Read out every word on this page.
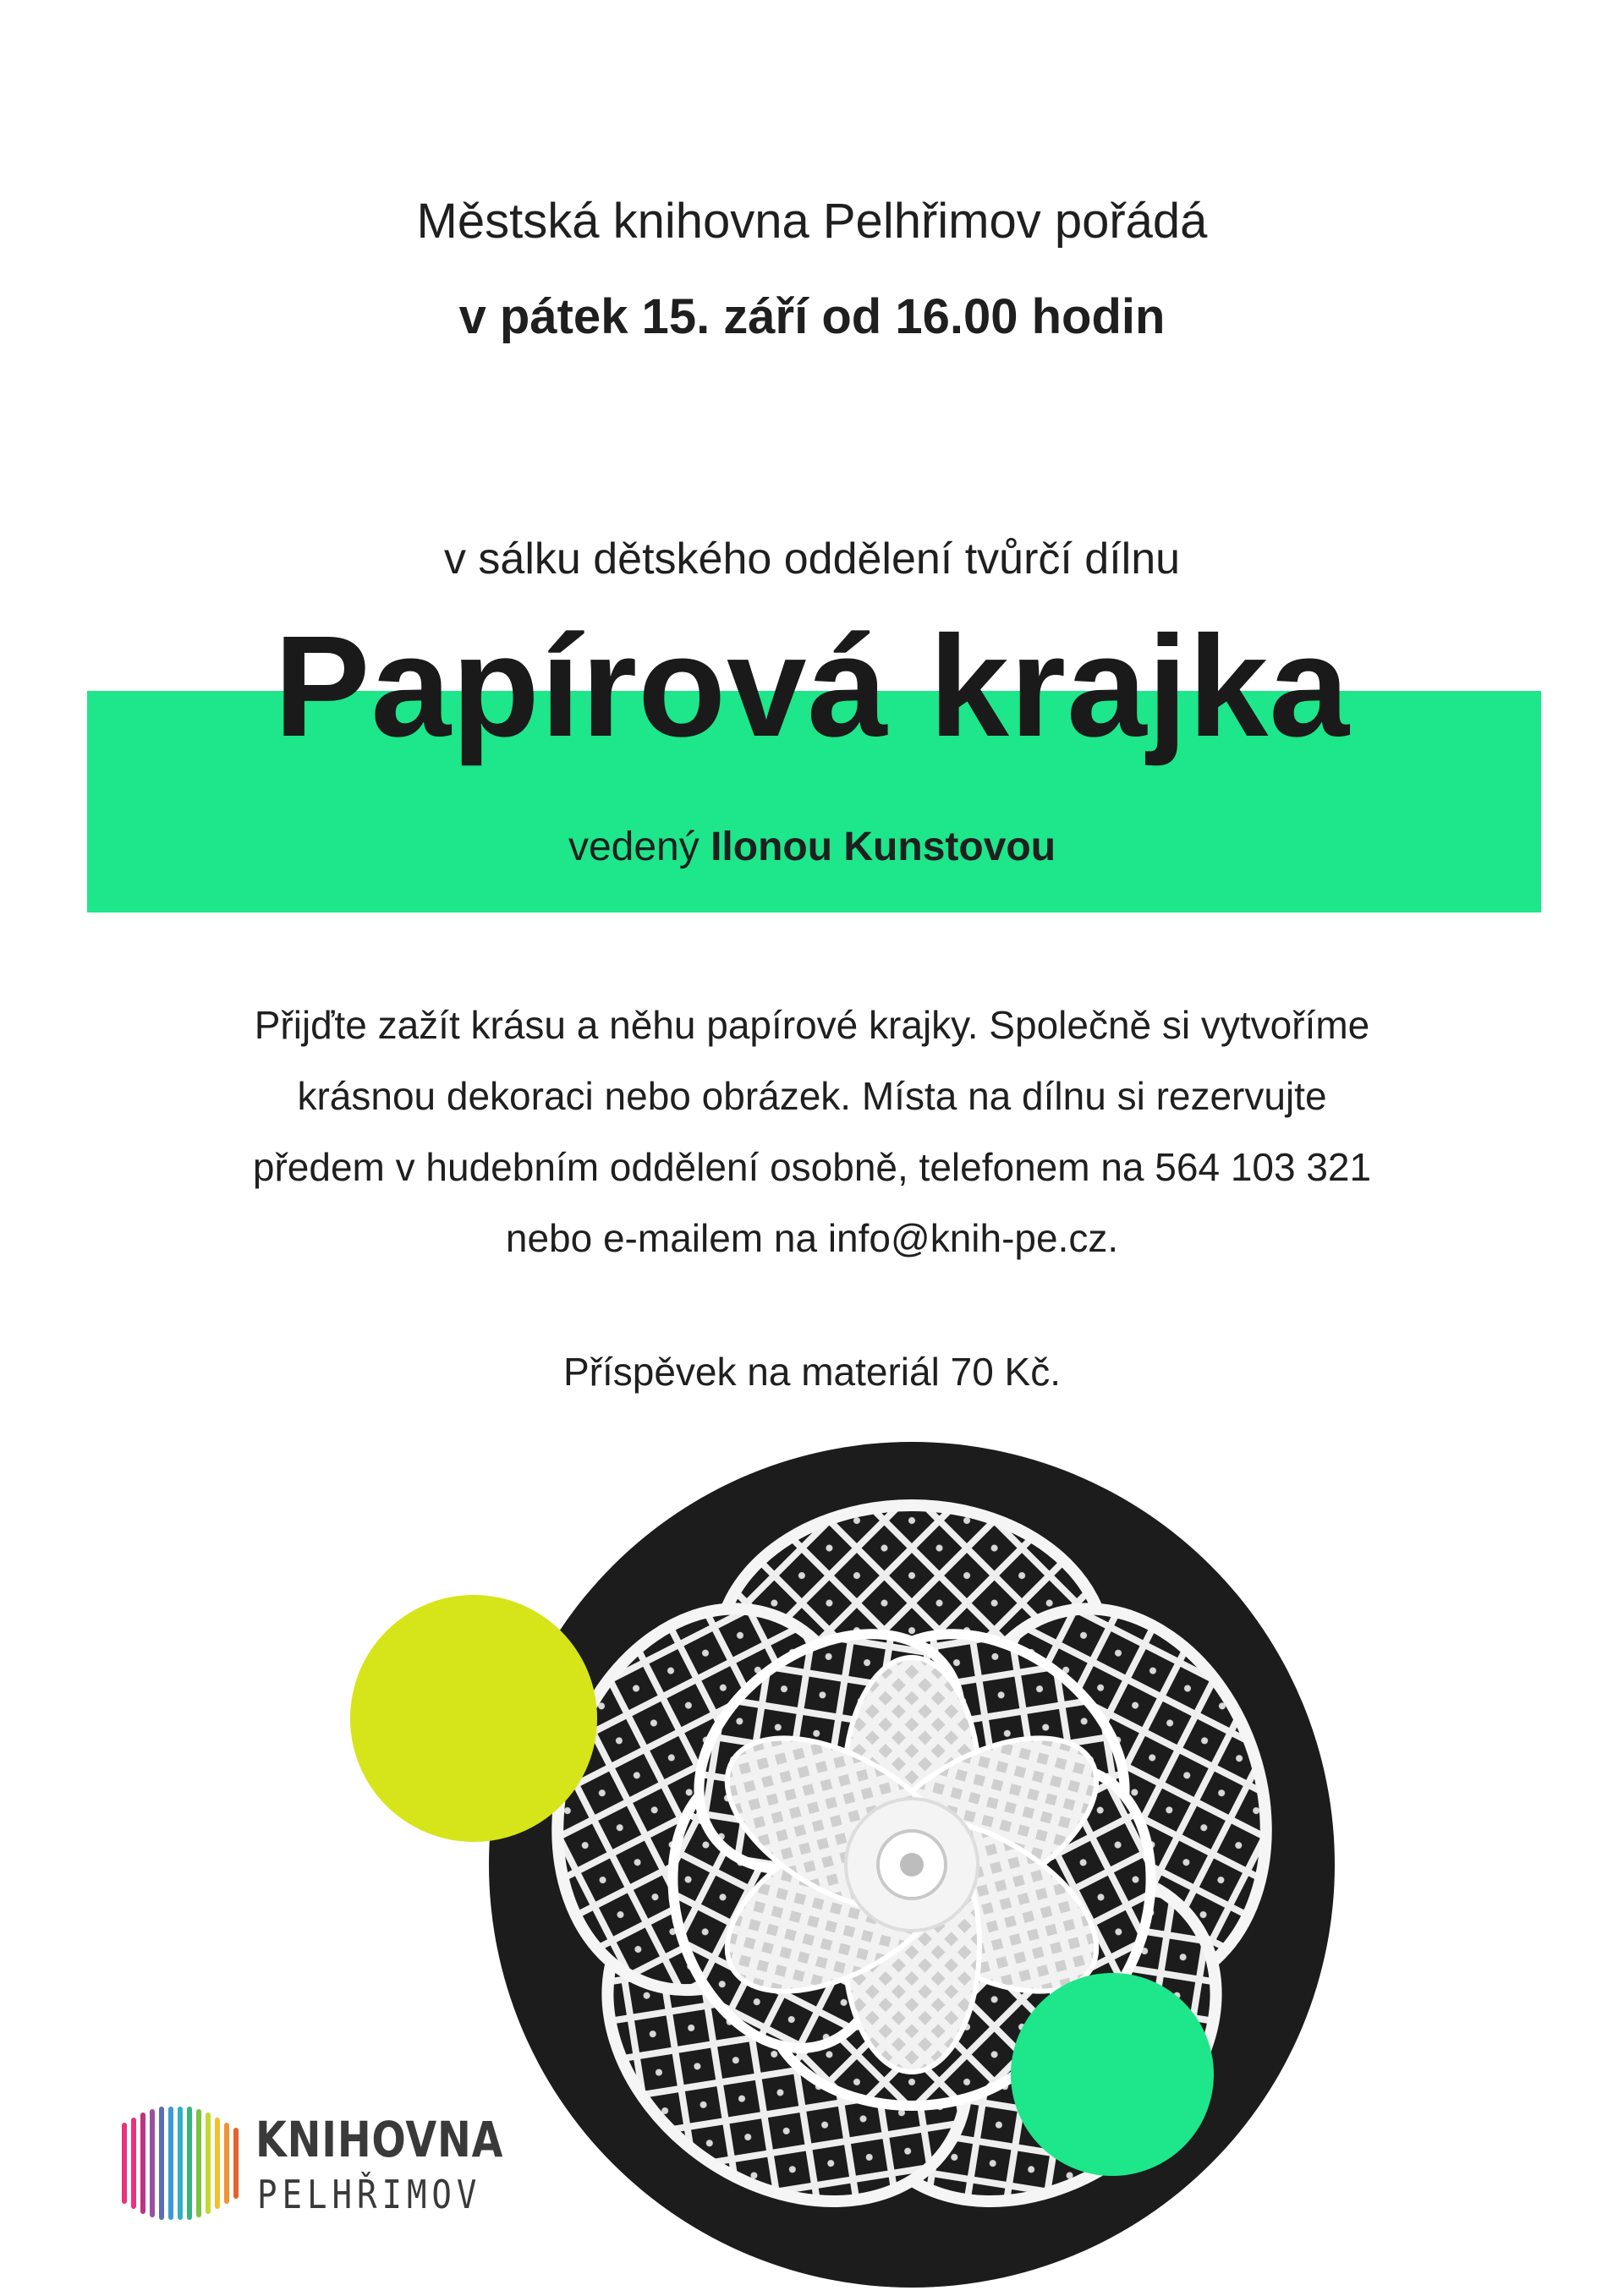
Městská knihovna Pelhřimov pořádá
v pátek 15. září od 16.00 hodin
v sálku dětského oddělení tvůrčí dílnu
Papírová krajka
vedený Ilonou Kunstovou
Přijďte zažít krásu a něhu papírové krajky. Společně si vytvoříme
krásnou dekoraci nebo obrázek. Místa na dílnu si rezervujte
předem v hudebním oddělení osobně, telefonem na 564 103 321
nebo e-mailem na info@knih-pe.cz.
Příspěvek na materiál 70 Kč.
KNIHOVNA
PELHŘIMOV
